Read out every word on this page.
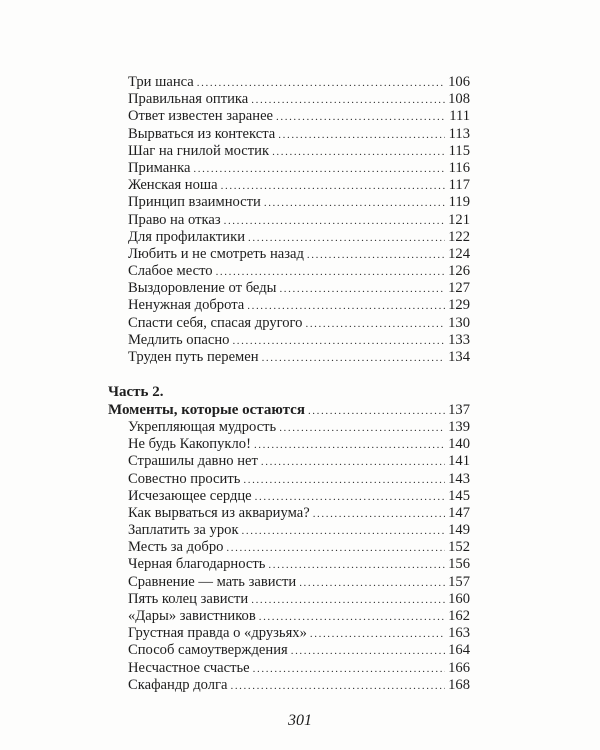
Три шанса .....	106
Правильная оптика .....	108
Ответ известен заранее .....	111
Вырваться из контекста .....	113
Шаг на гнилой мостик .....	115
Приманка .....	116
Женская ноша .....	117
Принцип взаимности .....	119
Право на отказ .....	121
Для профилактики .....	122
Любить и не смотреть назад .....	124
Слабое место .....	126
Выздоровление от беды .....	127
Ненужная доброта .....	129
Спасти себя, спасая другого .....	130
Медлить опасно .....	133
Труден путь перемен .....	134
Часть 2.
Моменты, которые остаются .....	137
Укрепляющая мудрость .....	139
Не будь Какопукло! .....	140
Страшилы давно нет .....	141
Совестно просить .....	143
Исчезающее сердце .....	145
Как вырваться из аквариума? .....	147
Заплатить за урок .....	149
Месть за добро .....	152
Черная благодарность .....	156
Сравнение — мать зависти .....	157
Пять колец зависти .....	160
«Дары» завистников .....	162
Грустная правда о «друзьях» .....	163
Способ самоутверждения .....	164
Несчастное счастье .....	166
Скафандр долга .....	168
301
